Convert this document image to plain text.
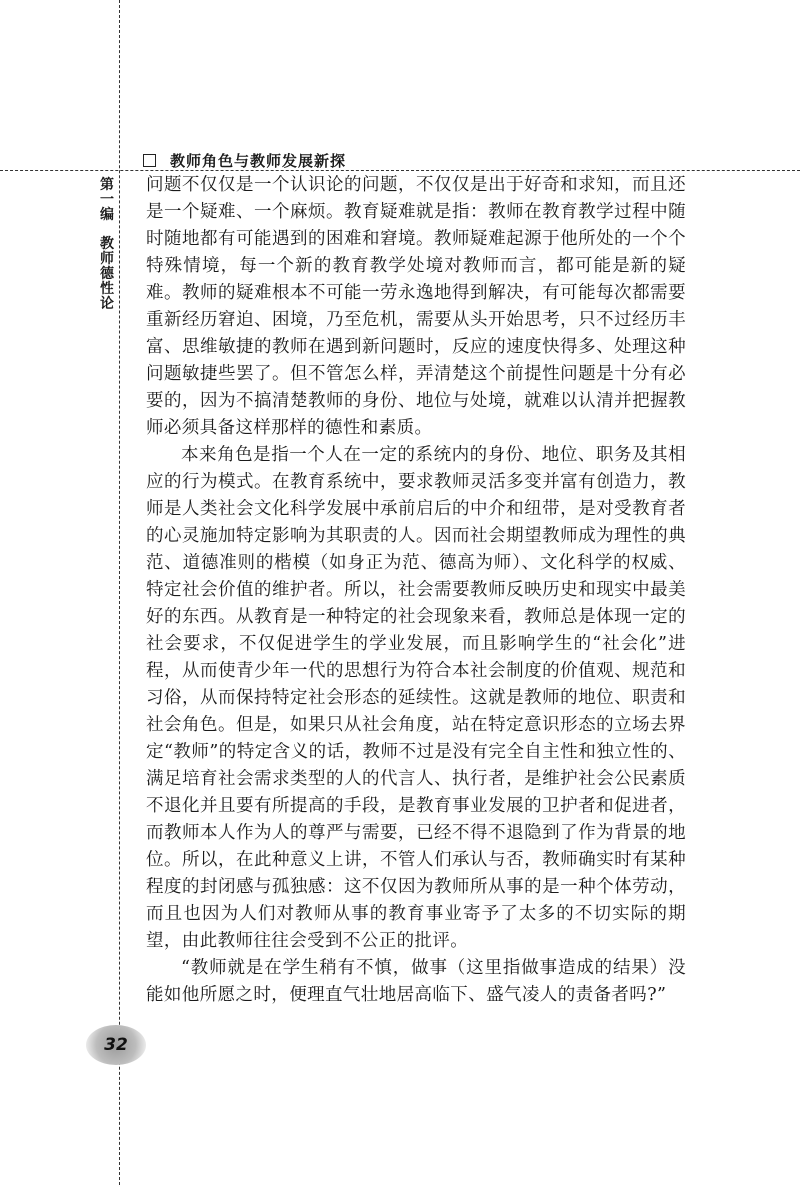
教师角色与教师发展新探
第
一
编
教
师
德
性
论

问题不仅仅是一个认识论的问题，不仅仅是出于好奇和求知，而且还是一个疑难、一个麻烦。教育疑难就是指：教师在教育教学过程中随时随地都有可能遇到的困难和窘境。教师疑难起源于他所处的一个个特殊情境，每一个新的教育教学处境对教师而言，都可能是新的疑难。教师的疑难根本不可能一劳永逸地得到解决，有可能每次都需要重新经历窘迫、困境，乃至危机，需要从头开始思考，只不过经历丰富、思维敏捷的教师在遇到新问题时，反应的速度快得多、处理这种问题敏捷些罢了。但不管怎么样，弄清楚这个前提性问题是十分有必要的，因为不搞清楚教师的身份、地位与处境，就难以认清并把握教师必须具备这样那样的德性和素质。

本来角色是指一个人在一定的系统内的身份、地位、职务及其相应的行为模式。在教育系统中，要求教师灵活多变并富有创造力，教师是人类社会文化科学发展中承前启后的中介和纽带，是对受教育者的心灵施加特定影响为其职责的人。因而社会期望教师成为理性的典范、道德准则的楷模（如身正为范、德高为师）、文化科学的权威、特定社会价值的维护者。所以，社会需要教师反映历史和现实中最美好的东西。从教育是一种特定的社会现象来看，教师总是体现一定的社会要求，不仅促进学生的学业发展，而且影响学生的“社会化”进程，从而使青少年一代的思想行为符合本社会制度的价值观、规范和习俗，从而保持特定社会形态的延续性。这就是教师的地位、职责和社会角色。但是，如果只从社会角度，站在特定意识形态的立场去界定“教师”的特定含义的话，教师不过是没有完全自主性和独立性的、满足培育社会需求类型的人的代言人、执行者，是维护社会公民素质不退化并且要有所提高的手段，是教育事业发展的卫护者和促进者，而教师本人作为人的尊严与需要，已经不得不退隐到了作为背景的地位。所以，在此种意义上讲，不管人们承认与否，教师确实时有某种程度的封闭感与孤独感：这不仅因为教师所从事的是一种个体劳动，而且也因为人们对教师从事的教育事业寄予了太多的不切实际的期望，由此教师往往会受到不公正的批评。

“教师就是在学生稍有不慎，做事（这里指做事造成的结果）没能如他所愿之时，便理直气壮地居高临下、盛气凌人的责备者吗?”

32
